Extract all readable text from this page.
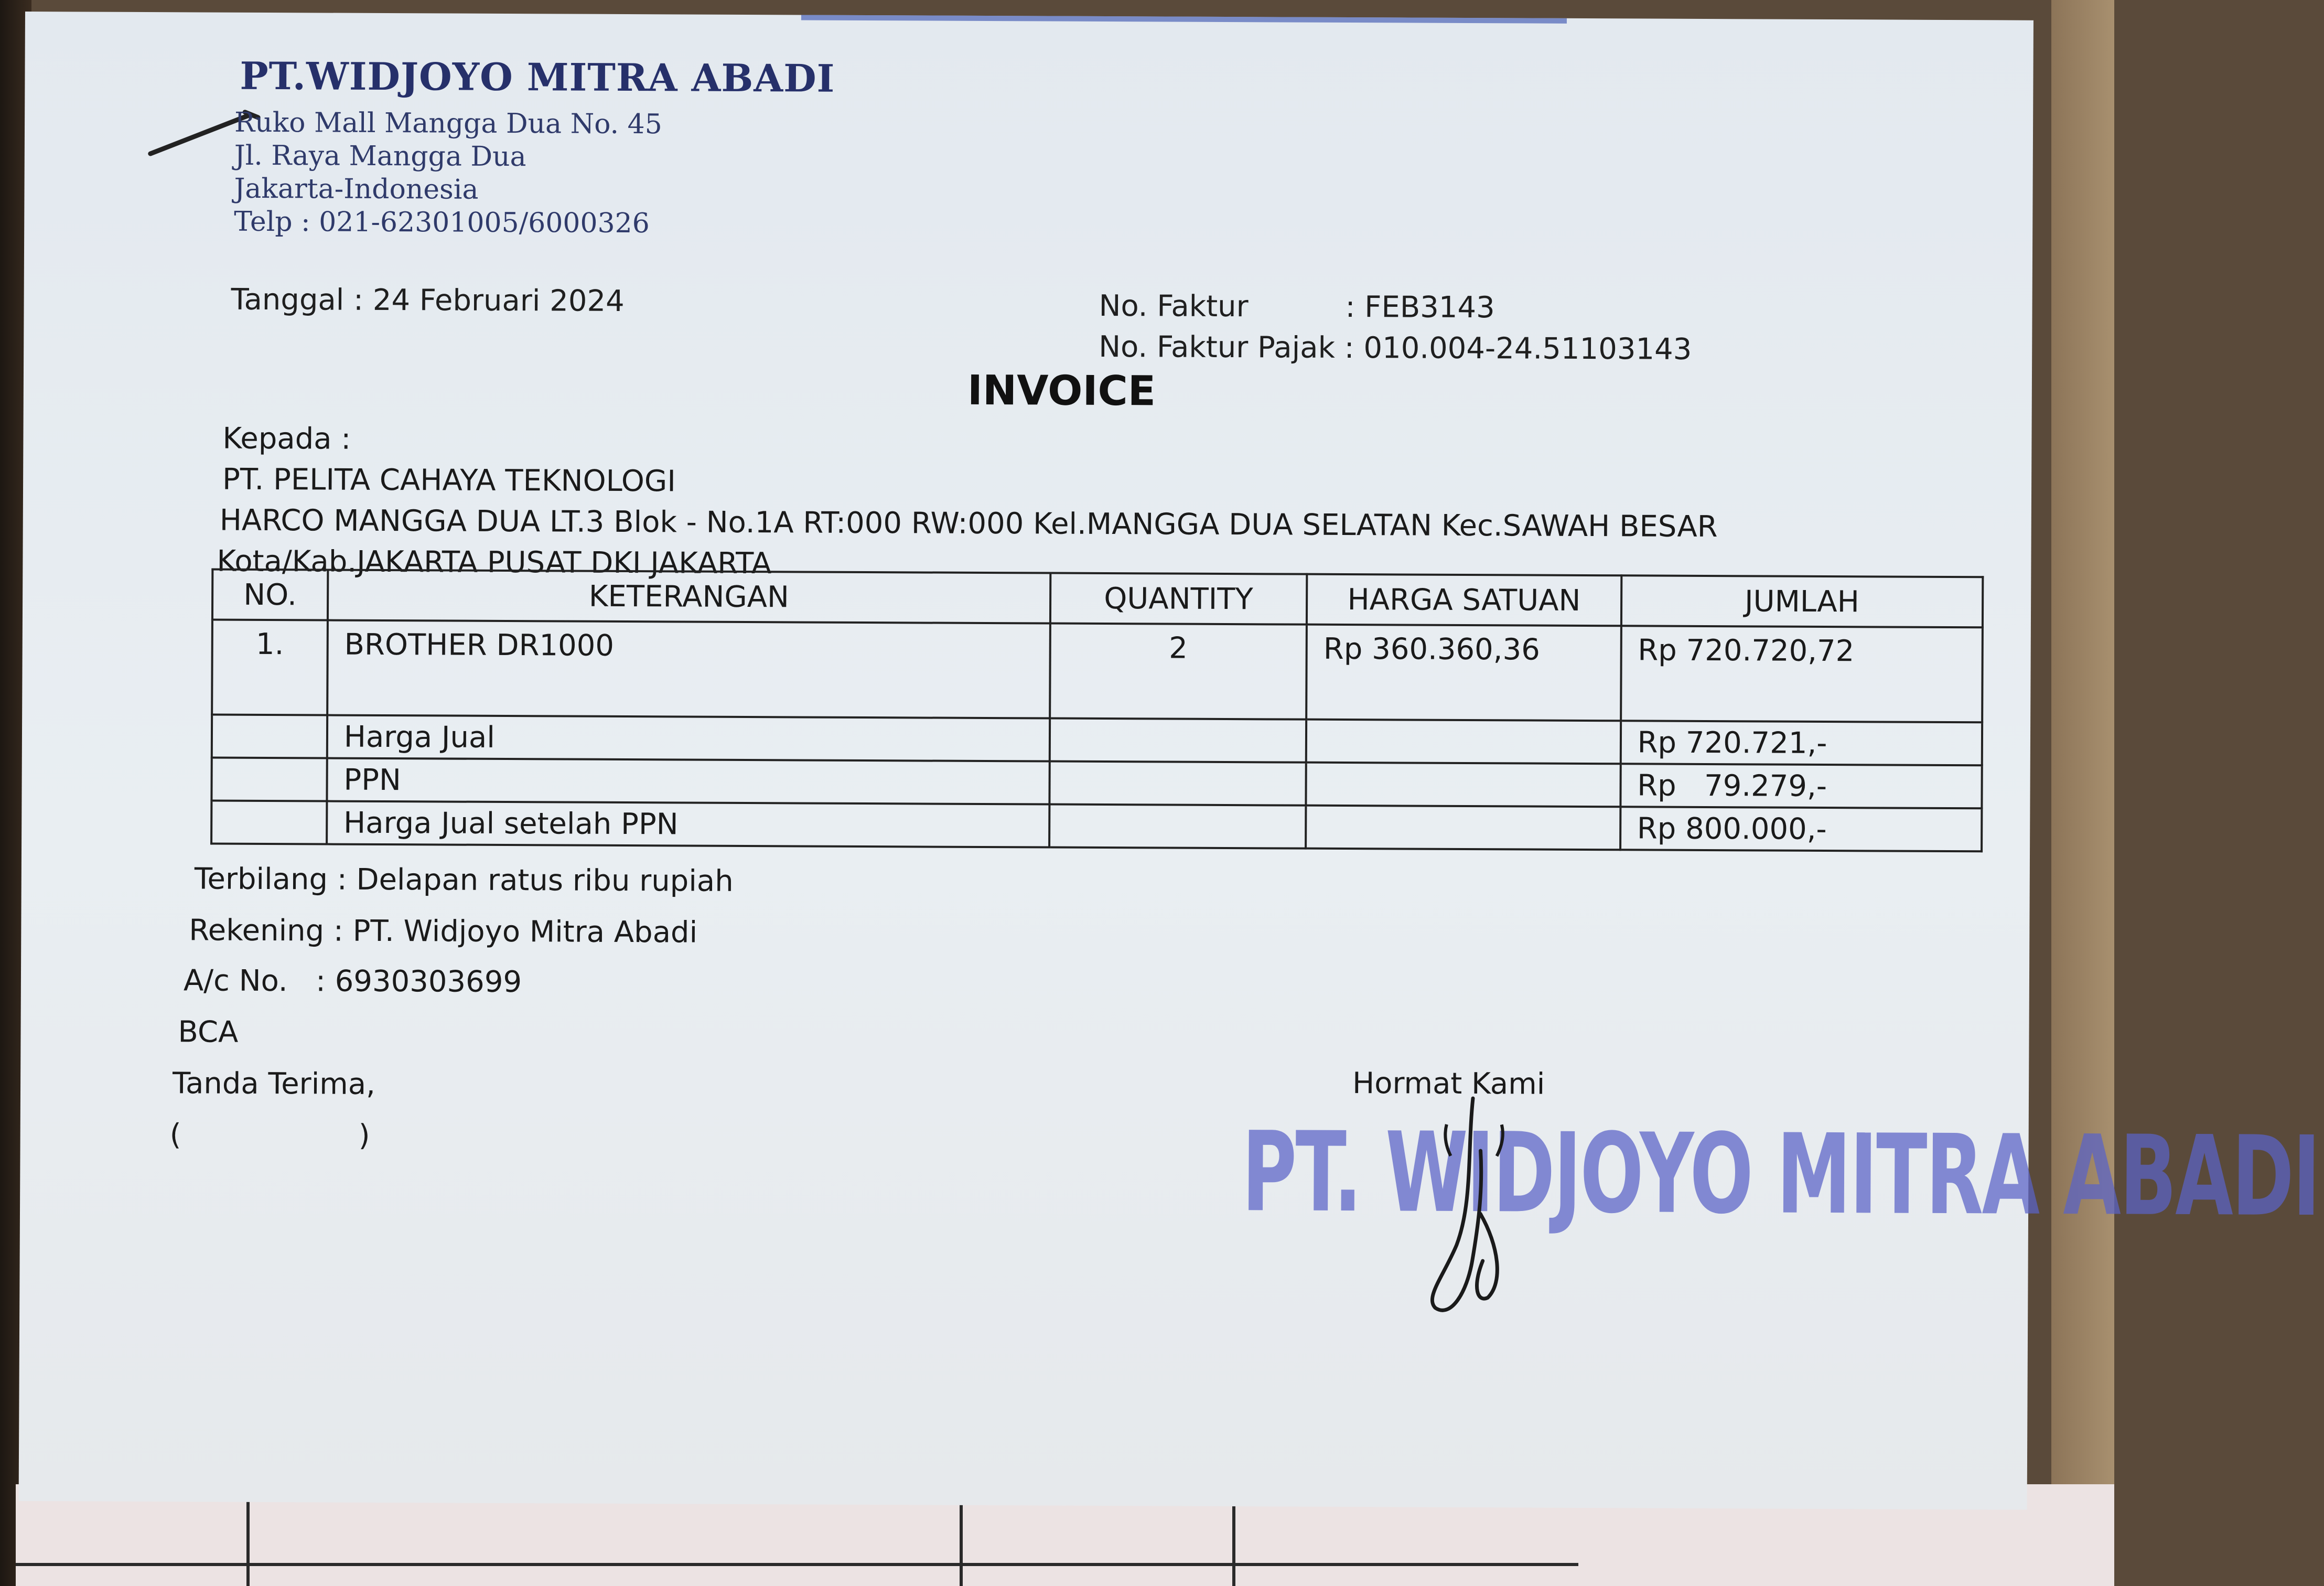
PT.WIDJOYO MITRA ABADI
Ruko Mall Mangga Dua No. 45
Jl. Raya Mangga Dua
Jakarta-Indonesia
Telp : 021-62301005/6000326
Tanggal : 24 Februari 2024	No. Faktur	: FEB3143
No. Faktur Pajak : 010.004-24.51103143
INVOICE
Kepada :
PT. PELITA CAHAYA TEKNOLOGI
HARCO MANGGA DUA LT.3 Blok - No.1A RT:000 RW:000 Kel.MANGGA DUA SELATAN Kec.SAWAH BESAR
Kota/Kab.JAKARTA PUSAT DKI JAKARTA
NO.	KETERANGAN	QUANTITY	HARGA SATUAN	JUMLAH
1.	BROTHER DR1000	2	Rp 360.360,36	Rp 720.720,72
	Harga Jual			Rp 720.721,-
	PPN			Rp   79.279,-
	Harga Jual setelah PPN			Rp 800.000,-
Terbilang : Delapan ratus ribu rupiah
Rekening : PT. Widjoyo Mitra Abadi
A/c No.   : 6930303699
BCA
Tanda Terima,
(                   )
Hormat Kami
PT. WIDJOYO MITRA ABADI
